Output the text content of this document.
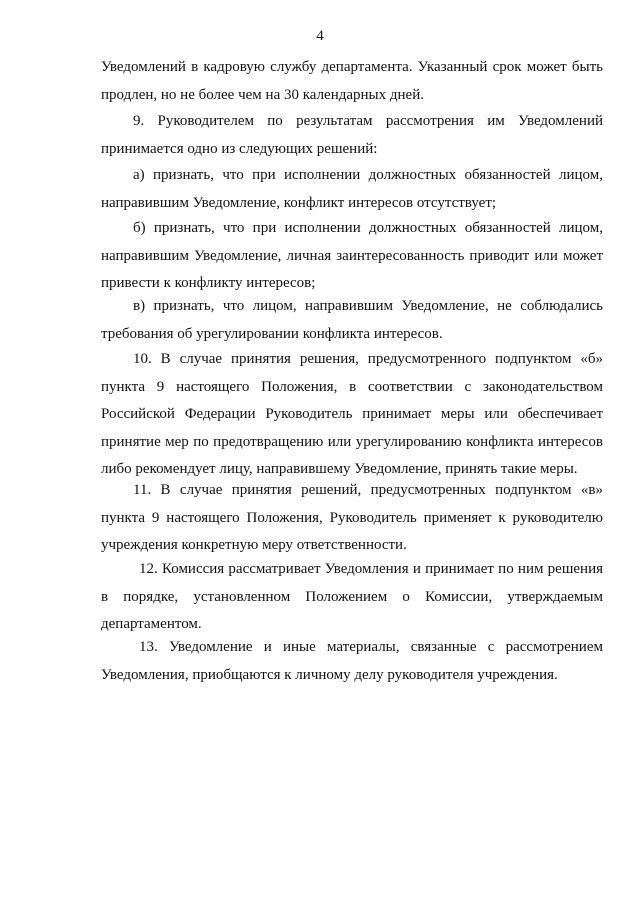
4

Уведомлений в кадровую службу департамента. Указанный срок может быть продлен, но не более чем на 30 календарных дней.

9. Руководителем по результатам рассмотрения им Уведомлений принимается одно из следующих решений:

а) признать, что при исполнении должностных обязанностей лицом, направившим Уведомление, конфликт интересов отсутствует;

б) признать, что при исполнении должностных обязанностей лицом, направившим Уведомление, личная заинтересованность приводит или может привести к конфликту интересов;

в) признать, что лицом, направившим Уведомление, не соблюдались требования об урегулировании конфликта интересов.

10. В случае принятия решения, предусмотренного подпунктом «б» пункта 9 настоящего Положения, в соответствии с законодательством Российской Федерации Руководитель принимает меры или обеспечивает принятие мер по предотвращению или урегулированию конфликта интересов либо рекомендует лицу, направившему Уведомление, принять такие меры.

11. В случае принятия решений, предусмотренных подпунктом «в» пункта 9 настоящего Положения, Руководитель применяет к руководителю учреждения конкретную меру ответственности.

12. Комиссия рассматривает Уведомления и принимает по ним решения в порядке, установленном Положением о Комиссии, утверждаемым департаментом.

13. Уведомление и иные материалы, связанные с рассмотрением Уведомления, приобщаются к личному делу руководителя учреждения.
